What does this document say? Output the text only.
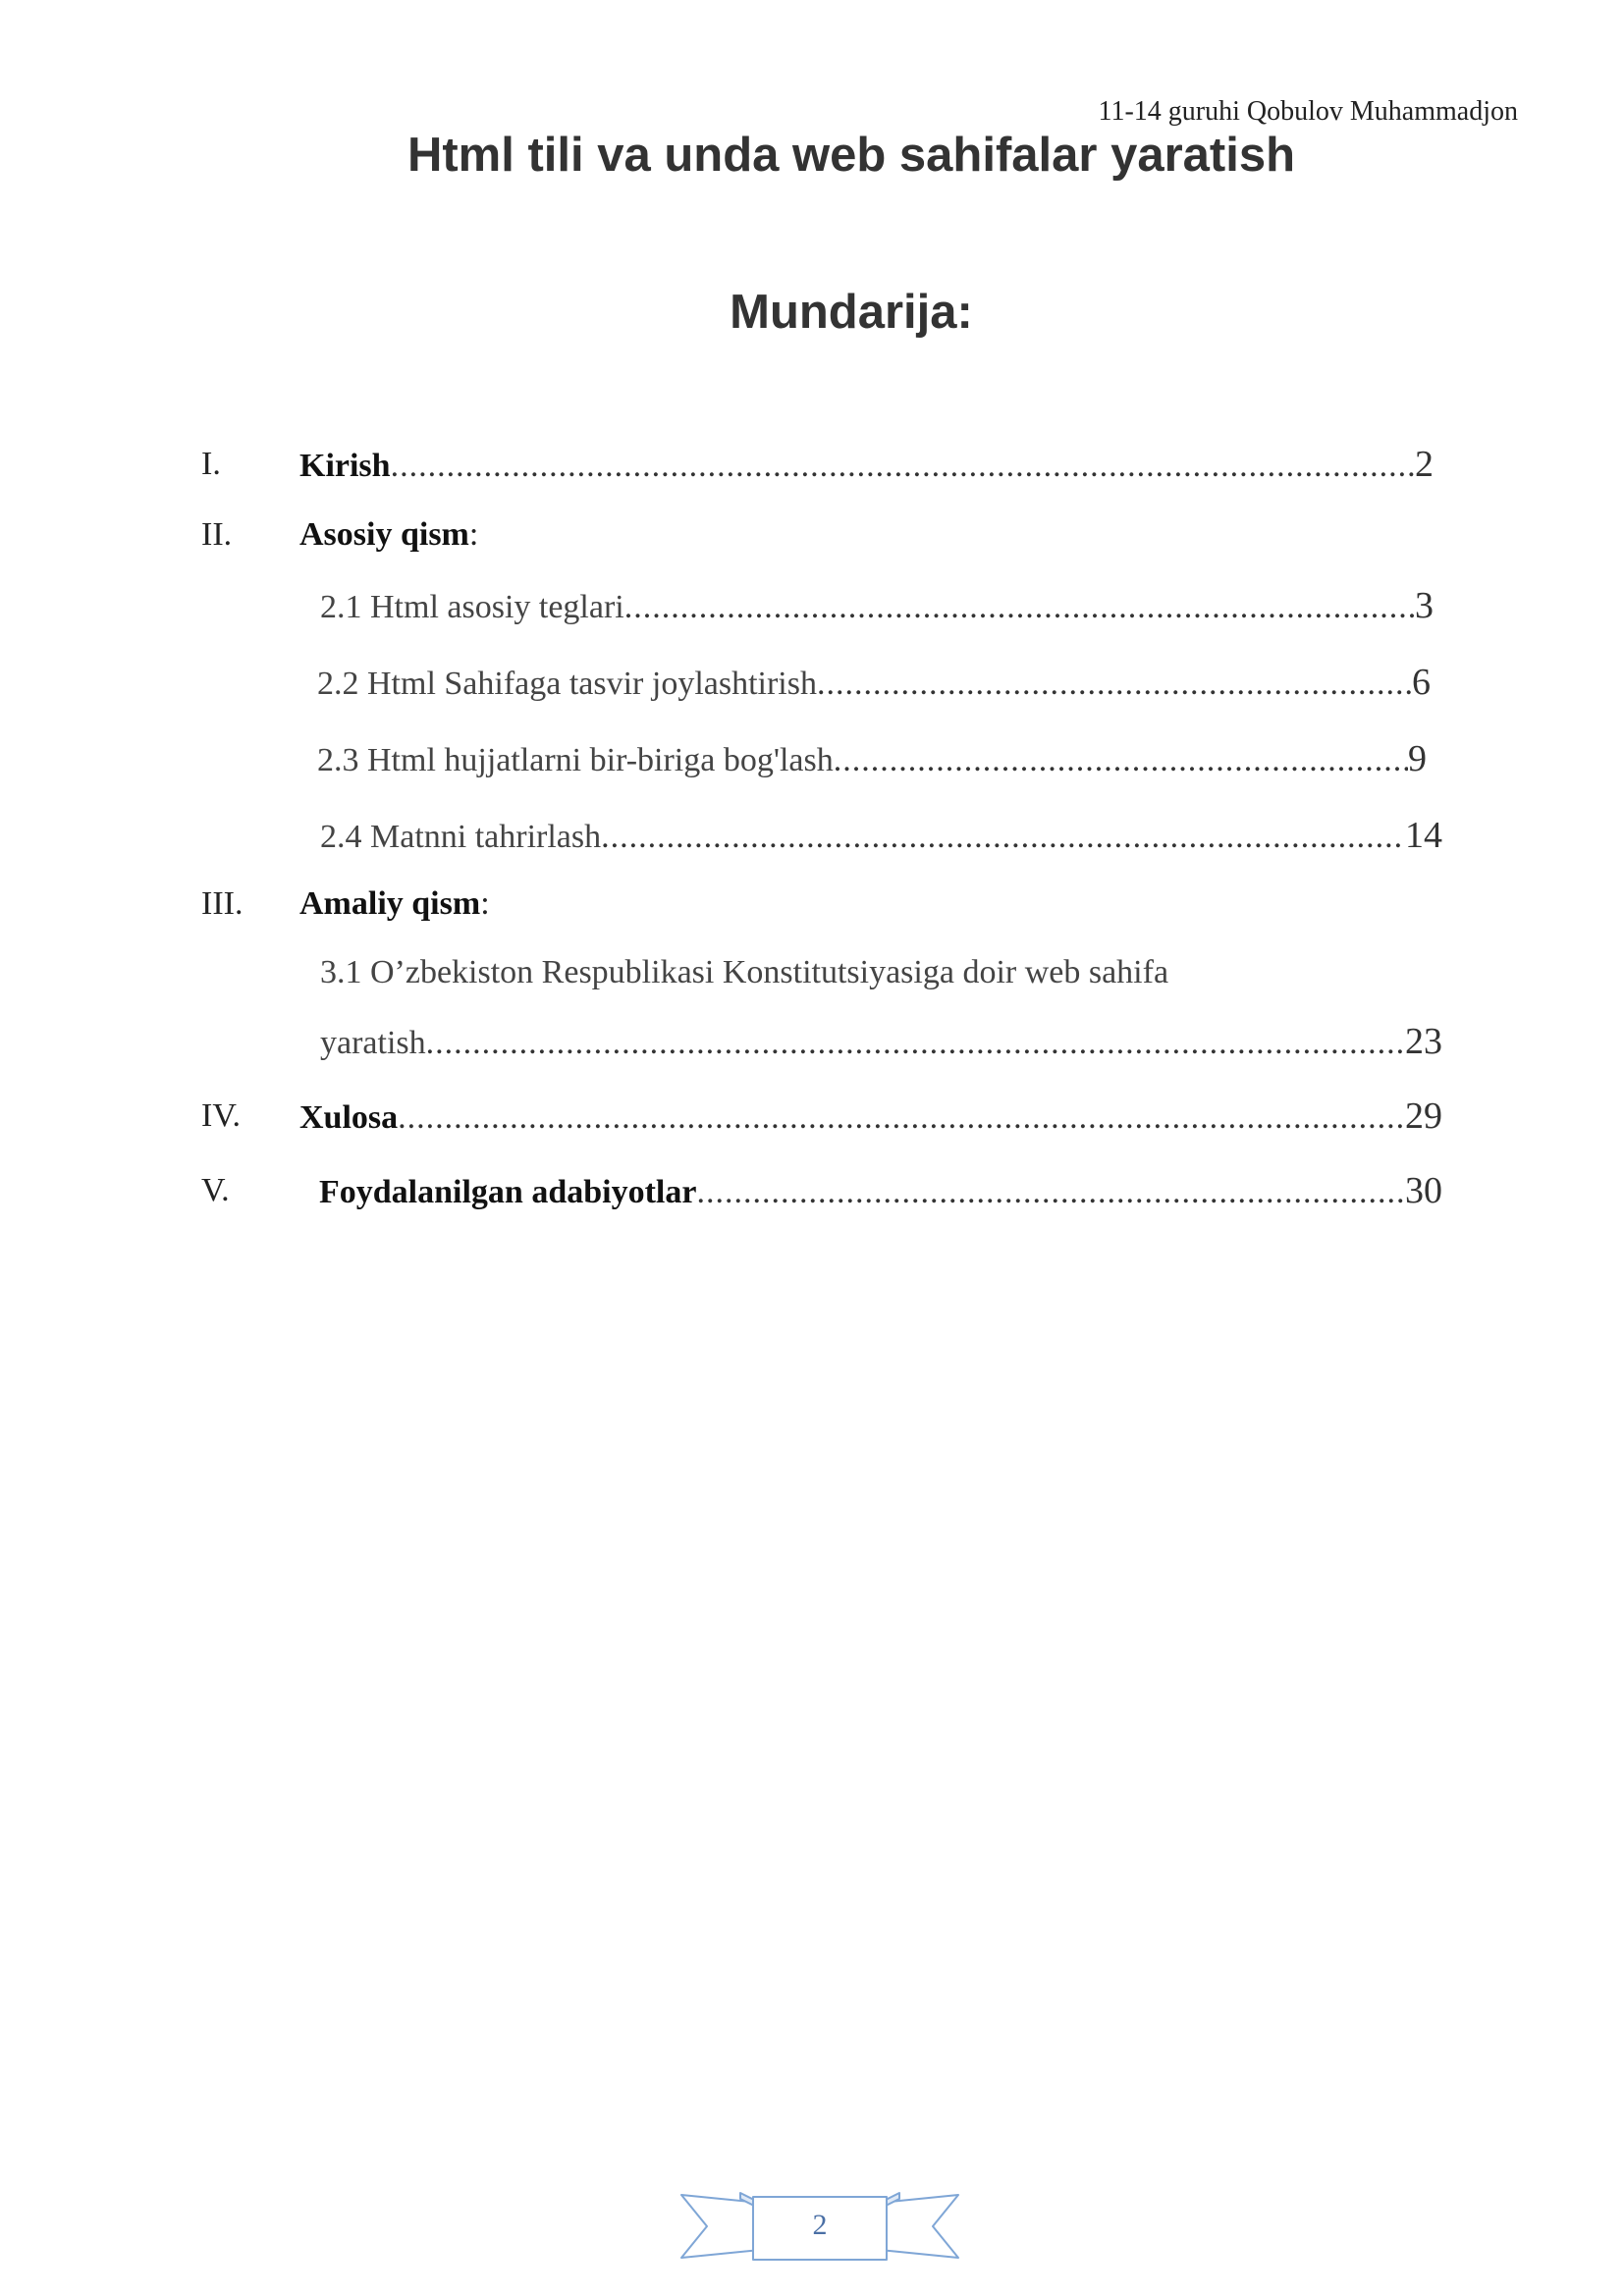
11-14 guruhi Qobulov Muhammadjon
Html tili va unda web sahifalar yaratish
Mundarija:
I. Kirish .....	2
II. Asosiy qism :
2.1 Html asosiy teglari .....	3
2.2 Html Sahifaga tasvir joylashtirish .....	6
2.3 Html hujjatlarni bir-biriga bog'lash .....	9
2.4 Matnni tahrirlash .....	14
III. Amaliy qism :
3.1 O’zbekiston Respublikasi Konstitutsiyasiga doir web sahifa
yaratish .....	23
IV. Xulosa .....	29
V.	Foydalanilgan adabiyotlar .....	30
2
